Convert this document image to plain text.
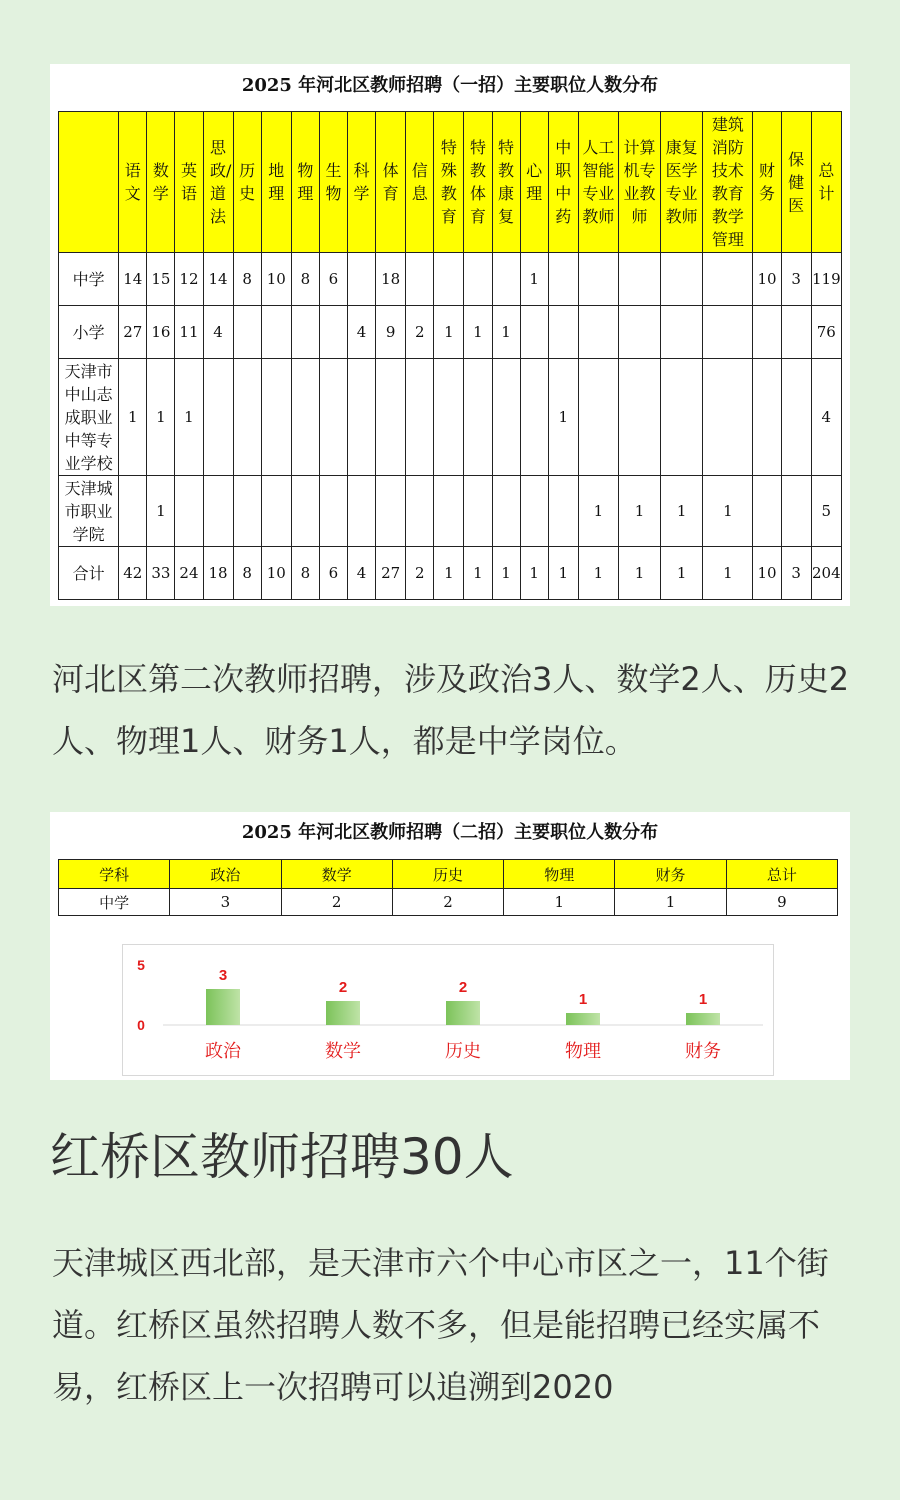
2025 年河北区教师招聘（一招）主要职位人数分布
	语文	数学	英语	思政/道法	历史	地理	物理	生物	科学	体育	信息	特殊教育	特教体育	特教康复	心理	中职中药	人工智能专业教师	计算机专业教师	康复医学专业教师	建筑消防技术教育教学管理	财务	保健医	总计
中学	14	15	12	14	8	10	8	6		18					1						10	3	119
小学	27	16	11	4					4	9	2	1	1	1									76
天津市中山志成职业中等专业学校	1	1	1													1							4
天津城市职业学院		1															1	1	1	1			5
合计	42	33	24	18	8	10	8	6	4	27	2	1	1	1	1	1	1	1	1	1	10	3	204

河北区第二次教师招聘，涉及政治3人、数学2人、历史2人、物理1人、财务1人，都是中学岗位。

2025 年河北区教师招聘（二招）主要职位人数分布
学科	政治	数学	历史	物理	财务	总计
中学	3	2	2	1	1	9
5
0
3
政治
2
数学
2
历史
1
物理
1
财务
红桥区教师招聘30人

天津城区西北部，是天津市六个中心市区之一，11个街道。红桥区虽然招聘人数不多，但是能招聘已经实属不易，红桥区上一次招聘可以追溯到2020
